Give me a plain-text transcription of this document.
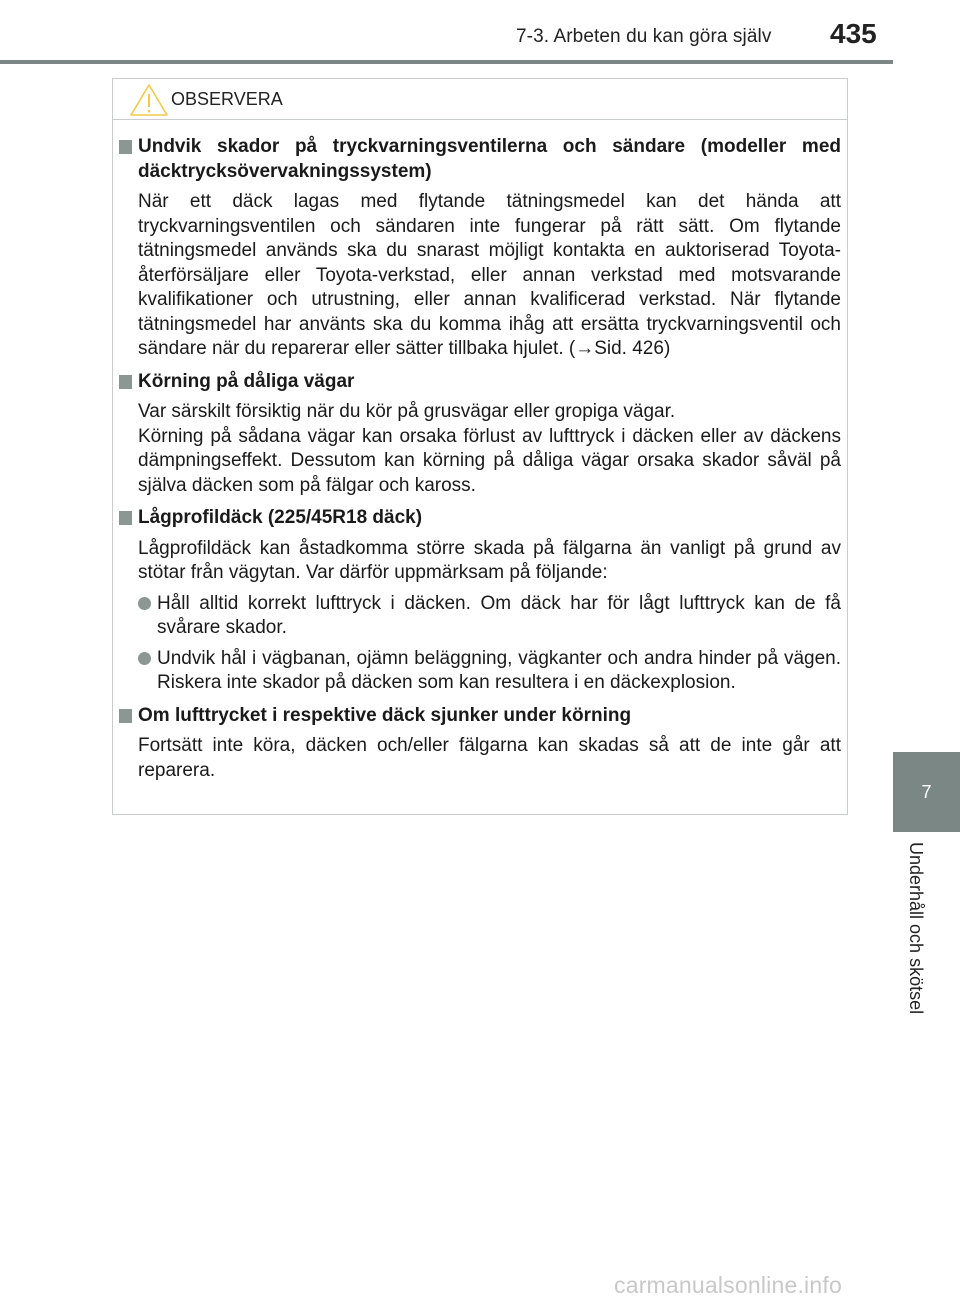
7-3. Arbeten du kan göra själv 435
7
Underhåll och skötsel
OBSERVERA
Undvik skador på tryckvarningsventilerna och sändare (modeller med däcktrycksövervakningssystem)
När ett däck lagas med flytande tätningsmedel kan det hända att tryckvarningsventilen och sändaren inte fungerar på rätt sätt. Om flytande tätningsmedel används ska du snarast möjligt kontakta en auktoriserad Toyota-återförsäljare eller Toyota-verkstad, eller annan verkstad med motsvarande kvalifikationer och utrustning, eller annan kvalificerad verkstad. När flytande tätningsmedel har använts ska du komma ihåg att ersätta tryckvarningsventil och sändare när du reparerar eller sätter tillbaka hjulet. (→Sid. 426)
Körning på dåliga vägar
Var särskilt försiktig när du kör på grusvägar eller gropiga vägar.
Körning på sådana vägar kan orsaka förlust av lufttryck i däcken eller av däckens dämpningseffekt. Dessutom kan körning på dåliga vägar orsaka skador såväl på själva däcken som på fälgar och kaross.
Lågprofildäck (225/45R18 däck)
Lågprofildäck kan åstadkomma större skada på fälgarna än vanligt på grund av stötar från vägytan. Var därför uppmärksam på följande:
Håll alltid korrekt lufttryck i däcken. Om däck har för lågt lufttryck kan de få svårare skador.
Undvik hål i vägbanan, ojämn beläggning, vägkanter och andra hinder på vägen. Riskera inte skador på däcken som kan resultera i en däckexplosion.
Om lufttrycket i respektive däck sjunker under körning
Fortsätt inte köra, däcken och/eller fälgarna kan skadas så att de inte går att reparera.
carmanualsonline.info
